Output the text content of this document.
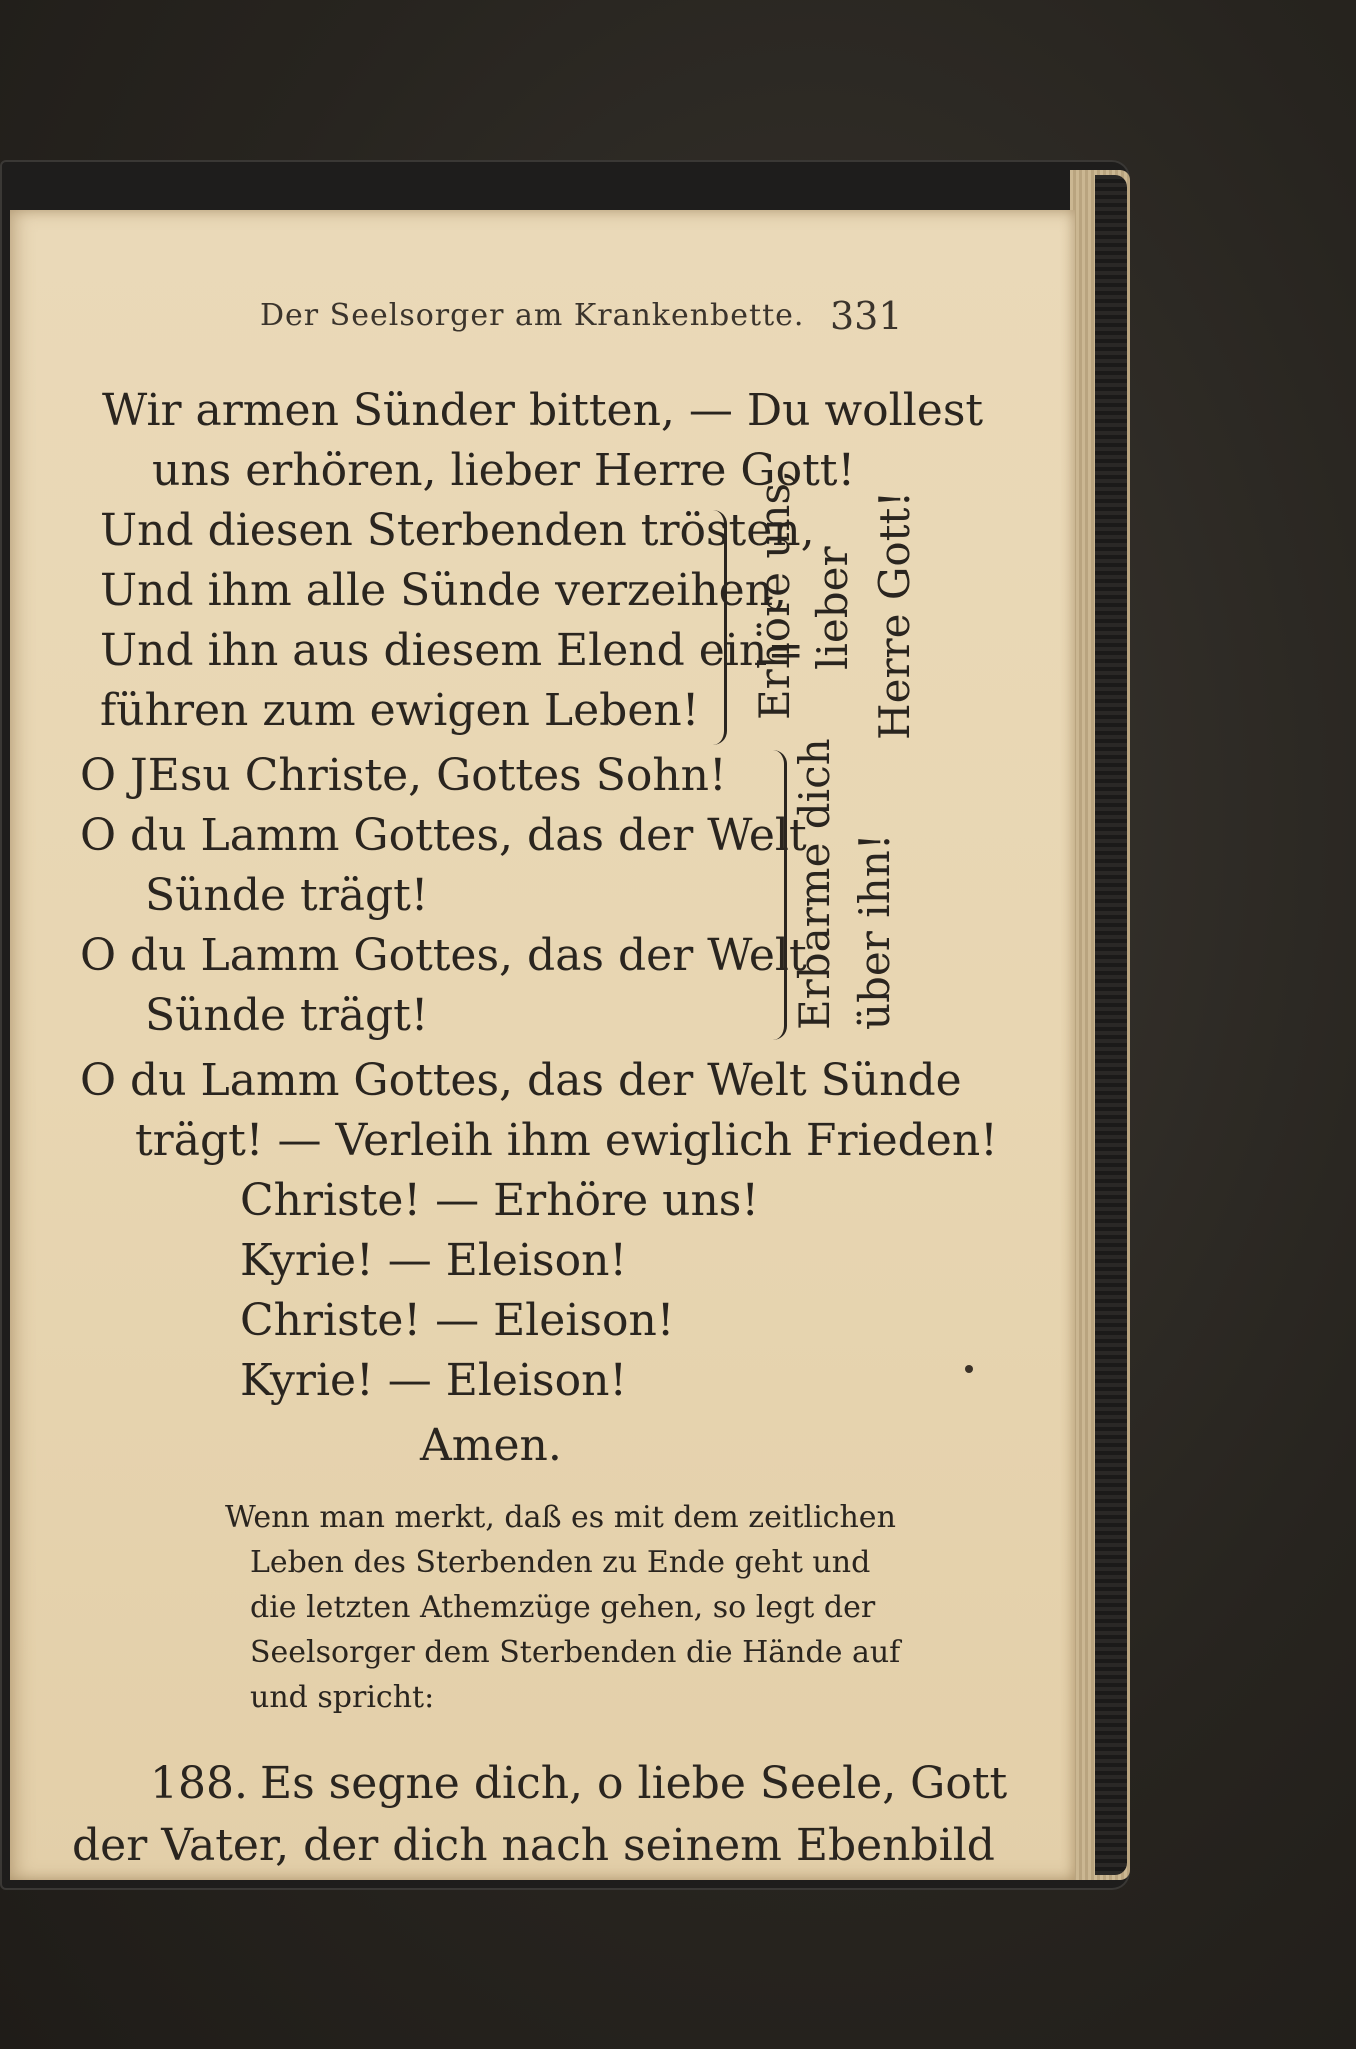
Der Seelsorger am Krankenbette. 331
Wir armen Sünder bitten, — Du wollest
uns erhören, lieber Herre Gott!
Und diesen Sterbenden trösten,
Und ihm alle Sünde verzeihen,
Und ihn aus diesem Elend ein=
führen zum ewigen Leben!
O JEsu Christe, Gottes Sohn!
O du Lamm Gottes, das der Welt
Sünde trägt!
O du Lamm Gottes, das der Welt
Sünde trägt!
O du Lamm Gottes, das der Welt Sünde
trägt! — Verleih ihm ewiglich Frieden!
Christe! — Erhöre uns!
Kyrie! — Eleison!
Christe! — Eleison!
Kyrie! — Eleison!
Amen.
Erhöre uns, lieber Herre Gott!
Erbarme dich über ihn!
Wenn man merkt, daß es mit dem zeitlichen
Leben des Sterbenden zu Ende geht und
die letzten Athemzüge gehen, so legt der
Seelsorger dem Sterbenden die Hände auf
und spricht:
188. Es segne dich, o liebe Seele, Gott
der Vater, der dich nach seinem Ebenbild
